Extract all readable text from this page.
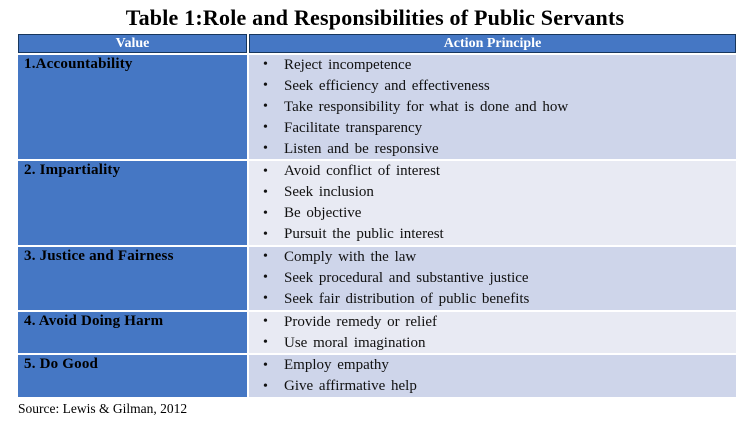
Table 1:Role and Responsibilities of Public Servants
Value	Action Principle
1.Accountability	• Reject incompetence
• Seek efficiency and effectiveness
• Take responsibility for what is done and how
• Facilitate transparency
• Listen and be responsive
2. Impartiality	• Avoid conflict of interest
• Seek inclusion
• Be objective
• Pursuit the public interest
3. Justice and Fairness	• Comply with the law
• Seek procedural and substantive justice
• Seek fair distribution of public benefits
4. Avoid Doing Harm	• Provide remedy or relief
• Use moral imagination
5. Do Good	• Employ empathy
• Give affirmative help
Source: Lewis & Gilman, 2012
